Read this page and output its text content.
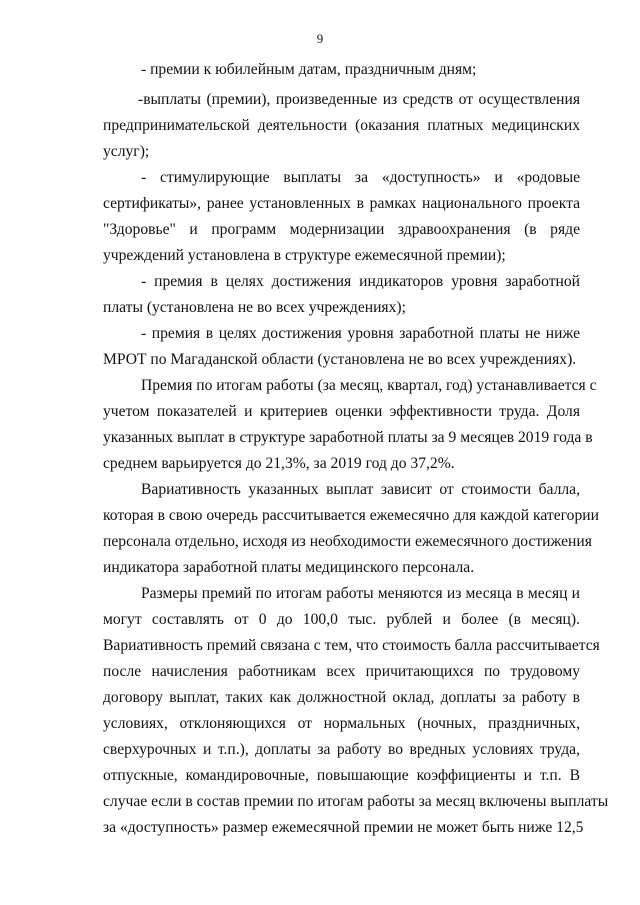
9
- премии к юбилейным датам, праздничным дням;
-выплаты (премии), произведенные из средств от осуществления
предпринимательской деятельности (оказания платных медицинских
услуг);
- стимулирующие выплаты за «доступность» и «родовые
сертификаты», ранее установленных в рамках национального проекта
"Здоровье" и программ модернизации здравоохранения (в ряде
учреждений установлена в структуре ежемесячной премии);
- премия в целях достижения индикаторов уровня заработной
платы (установлена не во всех учреждениях);
- премия в целях достижения уровня заработной платы не ниже
МРОТ по Магаданской области (установлена не во всех учреждениях).
Премия по итогам работы (за месяц, квартал, год) устанавливается с
учетом показателей и критериев оценки эффективности труда. Доля
указанных выплат в структуре заработной платы за 9 месяцев 2019 года в
среднем варьируется до 21,3%, за 2019 год до 37,2%.
Вариативность указанных выплат зависит от стоимости балла,
которая в свою очередь рассчитывается ежемесячно для каждой категории
персонала отдельно, исходя из необходимости ежемесячного достижения
индикатора заработной платы медицинского персонала.
Размеры премий по итогам работы меняются из месяца в месяц и
могут составлять от 0 до 100,0 тыс. рублей и более (в месяц).
Вариативность премий связана с тем, что стоимость балла рассчитывается
после начисления работникам всех причитающихся по трудовому
договору выплат, таких как должностной оклад, доплаты за работу в
условиях, отклоняющихся от нормальных (ночных, праздничных,
сверхурочных и т.п.), доплаты за работу во вредных условиях труда,
отпускные, командировочные, повышающие коэффициенты и т.п. В
случае если в состав премии по итогам работы за месяц включены выплаты
за «доступность» размер ежемесячной премии не может быть ниже 12,5
